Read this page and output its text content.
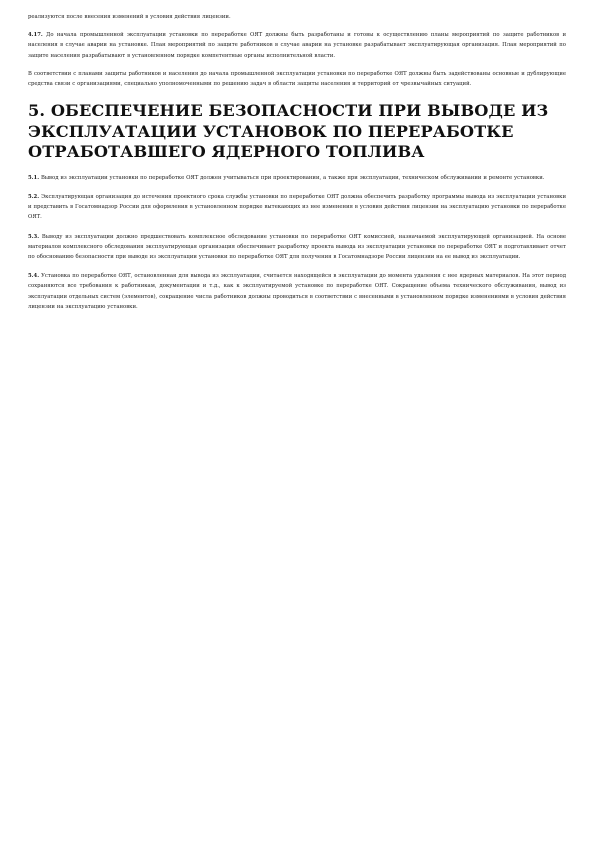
реализуются после внесения изменений в условия действия лицензии.

4.17. До начала промышленной эксплуатации установки по переработке ОЯТ должны быть разработаны и готовы к осуществлению планы мероприятий по защите работников и населения в случае аварии на установке. План мероприятий по защите работников в случае аварии на установке разрабатывает эксплуатирующая организация. План мероприятий по защите населения разрабатывают в установленном порядке компетентные органы исполнительной власти.

В соответствии с планами защиты работников и населения до начала промышленной эксплуатации установки по переработке ОЯТ должны быть задействованы основные и дублирующие средства связи с организациями, специально уполномоченными по решению задач в области защиты населения и территорий от чрезвычайных ситуаций.

5. ОБЕСПЕЧЕНИЕ БЕЗОПАСНОСТИ ПРИ ВЫВОДЕ ИЗ ЭКСПЛУАТАЦИИ УСТАНОВОК ПО ПЕРЕРАБОТКЕ ОТРАБОТАВШЕГО ЯДЕРНОГО ТОПЛИВА

5.1. Вывод из эксплуатации установки по переработке ОЯТ должен учитываться при проектировании, а также при эксплуатации, техническом обслуживании и ремонте установки.

5.2. Эксплуатирующая организация до истечения проектного срока службы установки по переработке ОЯТ должна обеспечить разработку программы вывода из эксплуатации установки и представить в Госатомнадзор России для оформления в установленном порядке вытекающих из нее изменения в условия действия лицензии на эксплуатацию установки по переработке ОЯТ.

5.3. Выводу из эксплуатации должно предшествовать комплексное обследование установки по переработке ОЯТ комиссией, назначаемой эксплуатирующей организацией. На основе материалов комплексного обследования эксплуатирующая организация обеспечивает разработку проекта вывода из эксплуатации установки по переработке ОЯТ и подготавливает отчет по обоснованию безопасности при выводе из эксплуатации установки по переработке ОЯТ для получения в Госатомнадзоре России лицензии на ее вывод из эксплуатации.

5.4. Установка по переработке ОЯТ, остановленная для вывода из эксплуатации, считается находящейся в эксплуатации до момента удаления с нее ядерных материалов. На этот период сохраняются все требования к работникам, документации и т.д., как к эксплуатируемой установке по переработке ОЯТ. Сокращение объема технического обслуживания, вывод из эксплуатации отдельных систем (элементов), сокращение числа работников должны проводиться в соответствии с внесенными в установленном порядке изменениями в условия действия лицензии на эксплуатацию установки.
